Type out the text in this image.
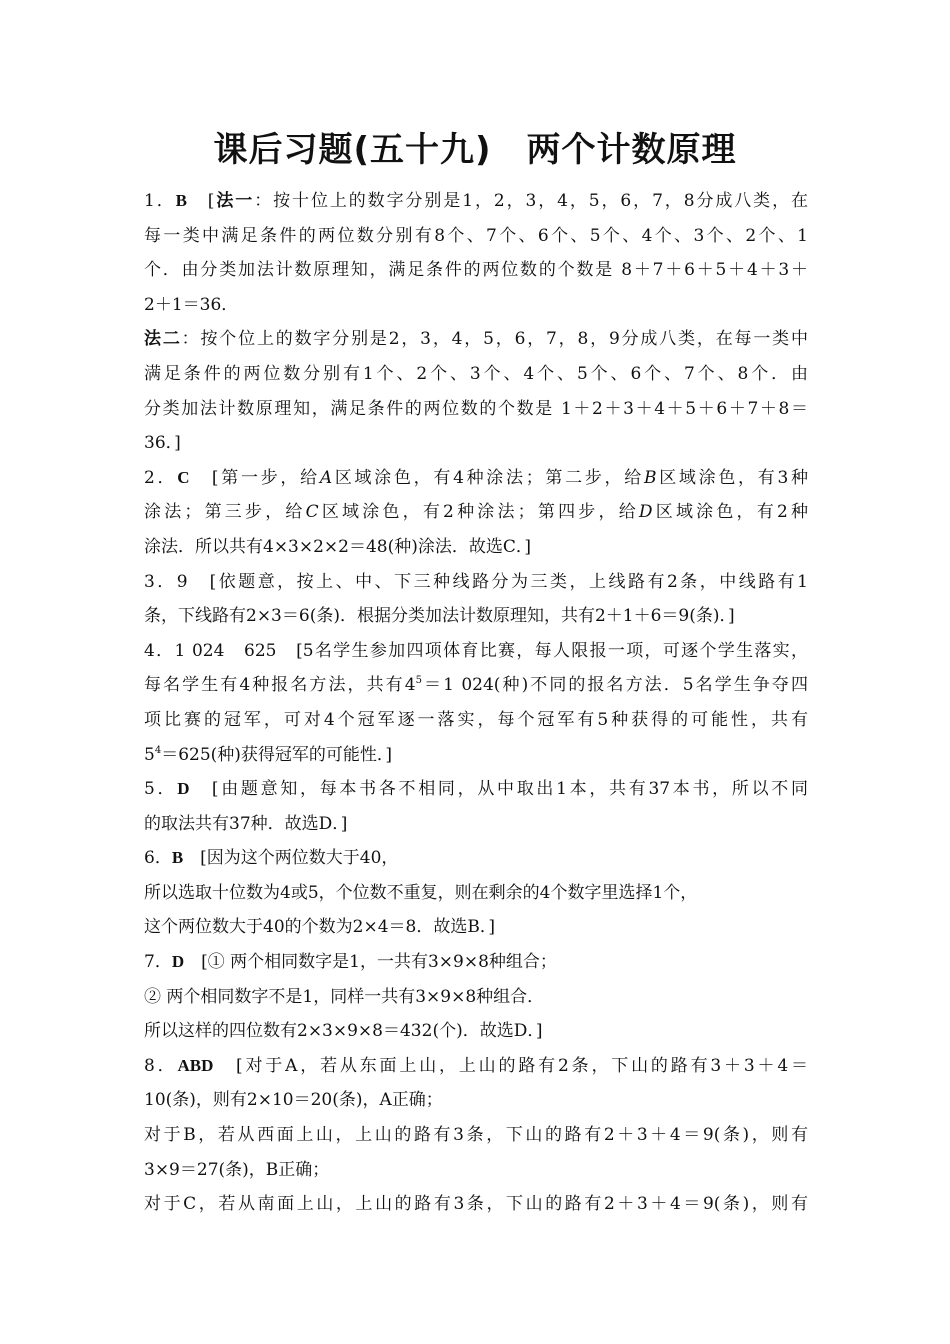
课后习题(五十九)　两个计数原理
1．B　[法一：按十位上的数字分别是1，2，3，4，5，6，7，8分成八类，在
每一类中满足条件的两位数分别有8个、7个、6个、5个、4个、3个、2个、1
个．由分类加法计数原理知，满足条件的两位数的个数是 8＋7＋6＋5＋4＋3＋
2＋1＝36．
法二：按个位上的数字分别是2，3，4，5，6，7，8，9分成八类，在每一类中
满足条件的两位数分别有1个、2个、3个、4个、5个、6个、7个、8个．由
分类加法计数原理知，满足条件的两位数的个数是 1＋2＋3＋4＋5＋6＋7＋8＝
36．]
2．C　[第一步，给A区域涂色，有4种涂法；第二步，给B区域涂色，有3种
涂法；第三步，给C区域涂色，有2种涂法；第四步，给D区域涂色，有2种
涂法．所以共有4×3×2×2＝48(种)涂法．故选C．]
3．9　[依题意，按上、中、下三种线路分为三类，上线路有2条，中线路有1
条，下线路有2×3＝6(条)．根据分类加法计数原理知，共有2＋1＋6＝9(条)．]
4．1 024　625　[5名学生参加四项体育比赛，每人限报一项，可逐个学生落实，
每名学生有4种报名方法，共有$4^5=1$ 024(种)不同的报名方法．5名学生争夺四
项比赛的冠军，可对4个冠军逐一落实，每个冠军有5种获得的可能性，共有
$5^4=625$(种)获得冠军的可能性．]
5．D　[由题意知，每本书各不相同，从中取出1本，共有37本书，所以不同
的取法共有37种．故选D．]
6．B　[因为这个两位数大于40，
所以选取十位数为4或5，个位数不重复，则在剩余的4个数字里选择1个，
这个两位数大于40的个数为2×4＝8．故选B．]
7．D　[① 两个相同数字是1，一共有3×9×8种组合；
② 两个相同数字不是1，同样一共有3×9×8种组合．
所以这样的四位数有2×3×9×8＝432(个)．故选D．]
8．ABD　[对于A，若从东面上山，上山的路有2条，下山的路有3＋3＋4＝
10(条)，则有2×10＝20(条)，A正确；
对于B，若从西面上山，上山的路有3条，下山的路有2＋3＋4＝9(条)，则有
3×9＝27(条)，B正确；
对于C，若从南面上山，上山的路有3条，下山的路有2＋3＋4＝9(条)，则有
